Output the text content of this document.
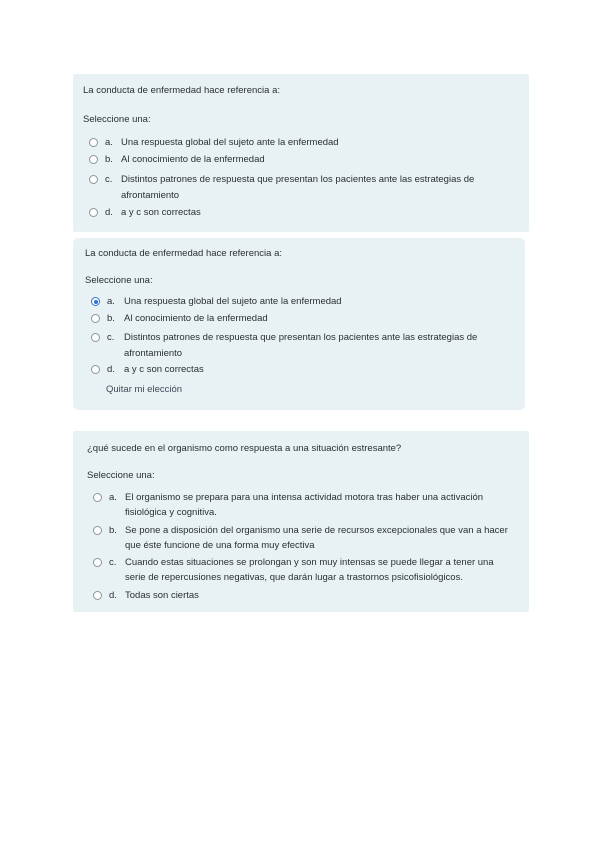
La conducta de enfermedad hace referencia a:
Seleccione una:
a. Una respuesta global del sujeto ante la enfermedad
b. Al conocimiento de la enfermedad
c. Distintos patrones de respuesta que presentan los pacientes ante las estrategias de afrontamiento
d. a y c son correctas
La conducta de enfermedad hace referencia a:
Seleccione una:
a. Una respuesta global del sujeto ante la enfermedad
b. Al conocimiento de la enfermedad
c. Distintos patrones de respuesta que presentan los pacientes ante las estrategias de afrontamiento
d. a y c son correctas
Quitar mi elección
¿qué sucede en el organismo como respuesta a una situación estresante?
Seleccione una:
a. El organismo se prepara para una intensa actividad motora tras haber una activación fisiológica y cognitiva.
b. Se pone a disposición del organismo una serie de recursos excepcionales que van a hacer que éste funcione de una forma muy efectiva
c. Cuando estas situaciones se prolongan y son muy intensas se puede llegar a tener una serie de repercusiones negativas, que darán lugar a trastornos psicofisiológicos.
d. Todas son ciertas
